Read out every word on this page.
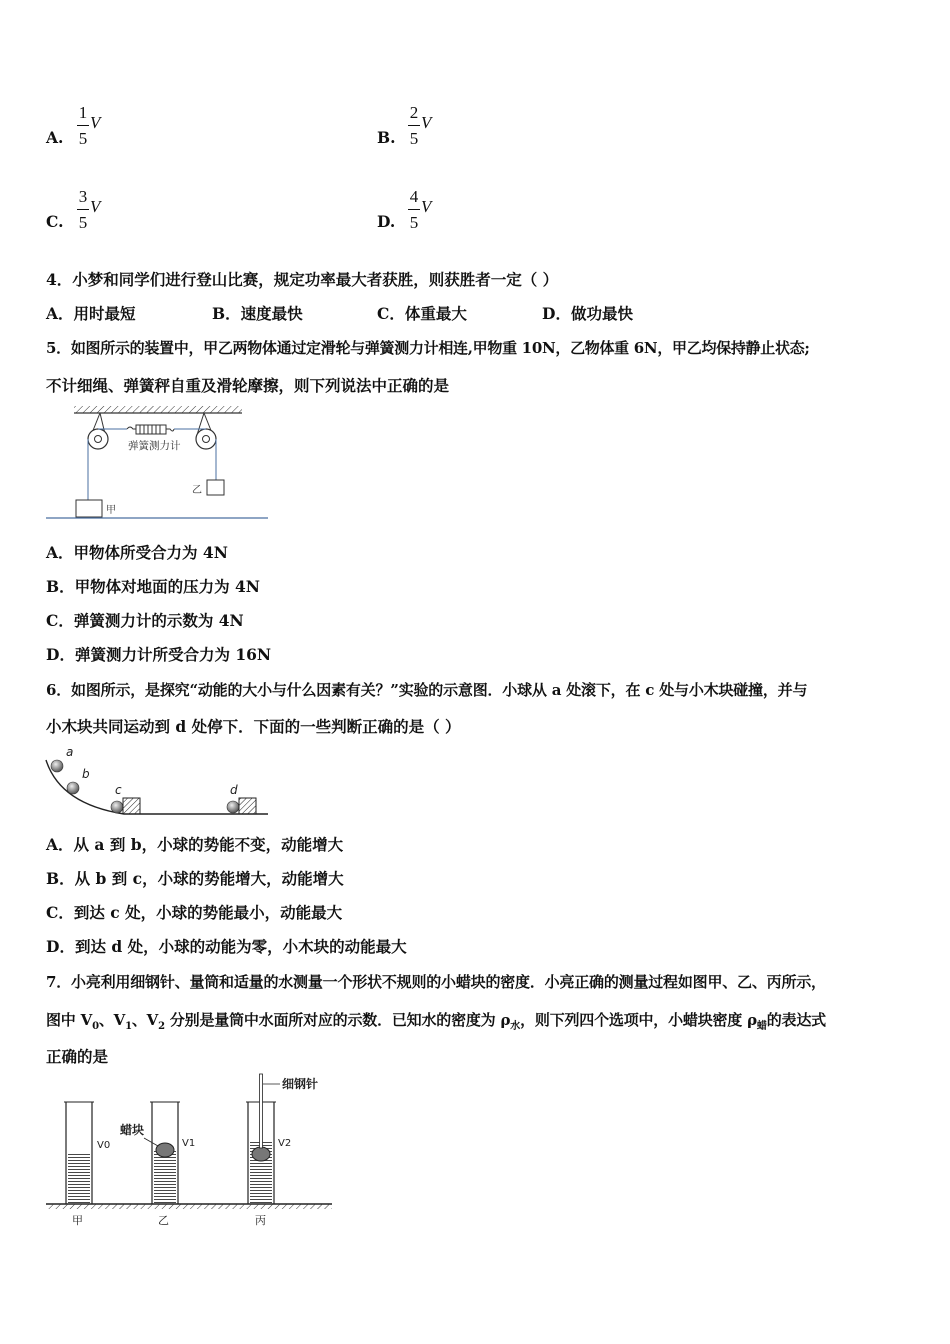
A.
1
5
V
B.
2
5
V
C.
3
5
V
D.
4
5
V
4．小梦和同学们进行登山比赛，规定功率最大者获胜，则获胜者一定（ ）
A．用时最短	B．速度最快	C．体重最大	D．做功最快
5．如图所示的装置中，甲乙两物体通过定滑轮与弹簧测力计相连,甲物重 10N，乙物体重 6N，甲乙均保持静止状态;
不计细绳、弹簧秤自重及滑轮摩擦，则下列说法中正确的是
弹簧测力计
乙
甲
A．甲物体所受合力为 4N
B．甲物体对地面的压力为 4N
C．弹簧测力计的示数为 4N
D．弹簧测力计所受合力为 16N
6．如图所示，是探究“动能的大小与什么因素有关？”实验的示意图．小球从 a 处滚下，在 c 处与小木块碰撞，并与
小木块共同运动到 d 处停下．下面的一些判断正确的是（ ）
a
b
c	d
A．从 a 到 b，小球的势能不变，动能增大
B．从 b 到 c，小球的势能增大，动能增大
C．到达 c 处，小球的势能最小，动能最大
D．到达 d 处，小球的动能为零，小木块的动能最大
7．小亮利用细钢针、量筒和适量的水测量一个形状不规则的小蜡块的密度．小亮正确的测量过程如图甲、乙、丙所示，
图中 $V_0$、$V_1$、$V_2$ 分别是量筒中水面所对应的示数．已知水的密度为 $\rho_水$，则下列四个选项中，小蜡块密度 $\rho_蜡$的表达式
正确的是
V0
甲
蜡块
V1
乙
细钢针
V2
丙
